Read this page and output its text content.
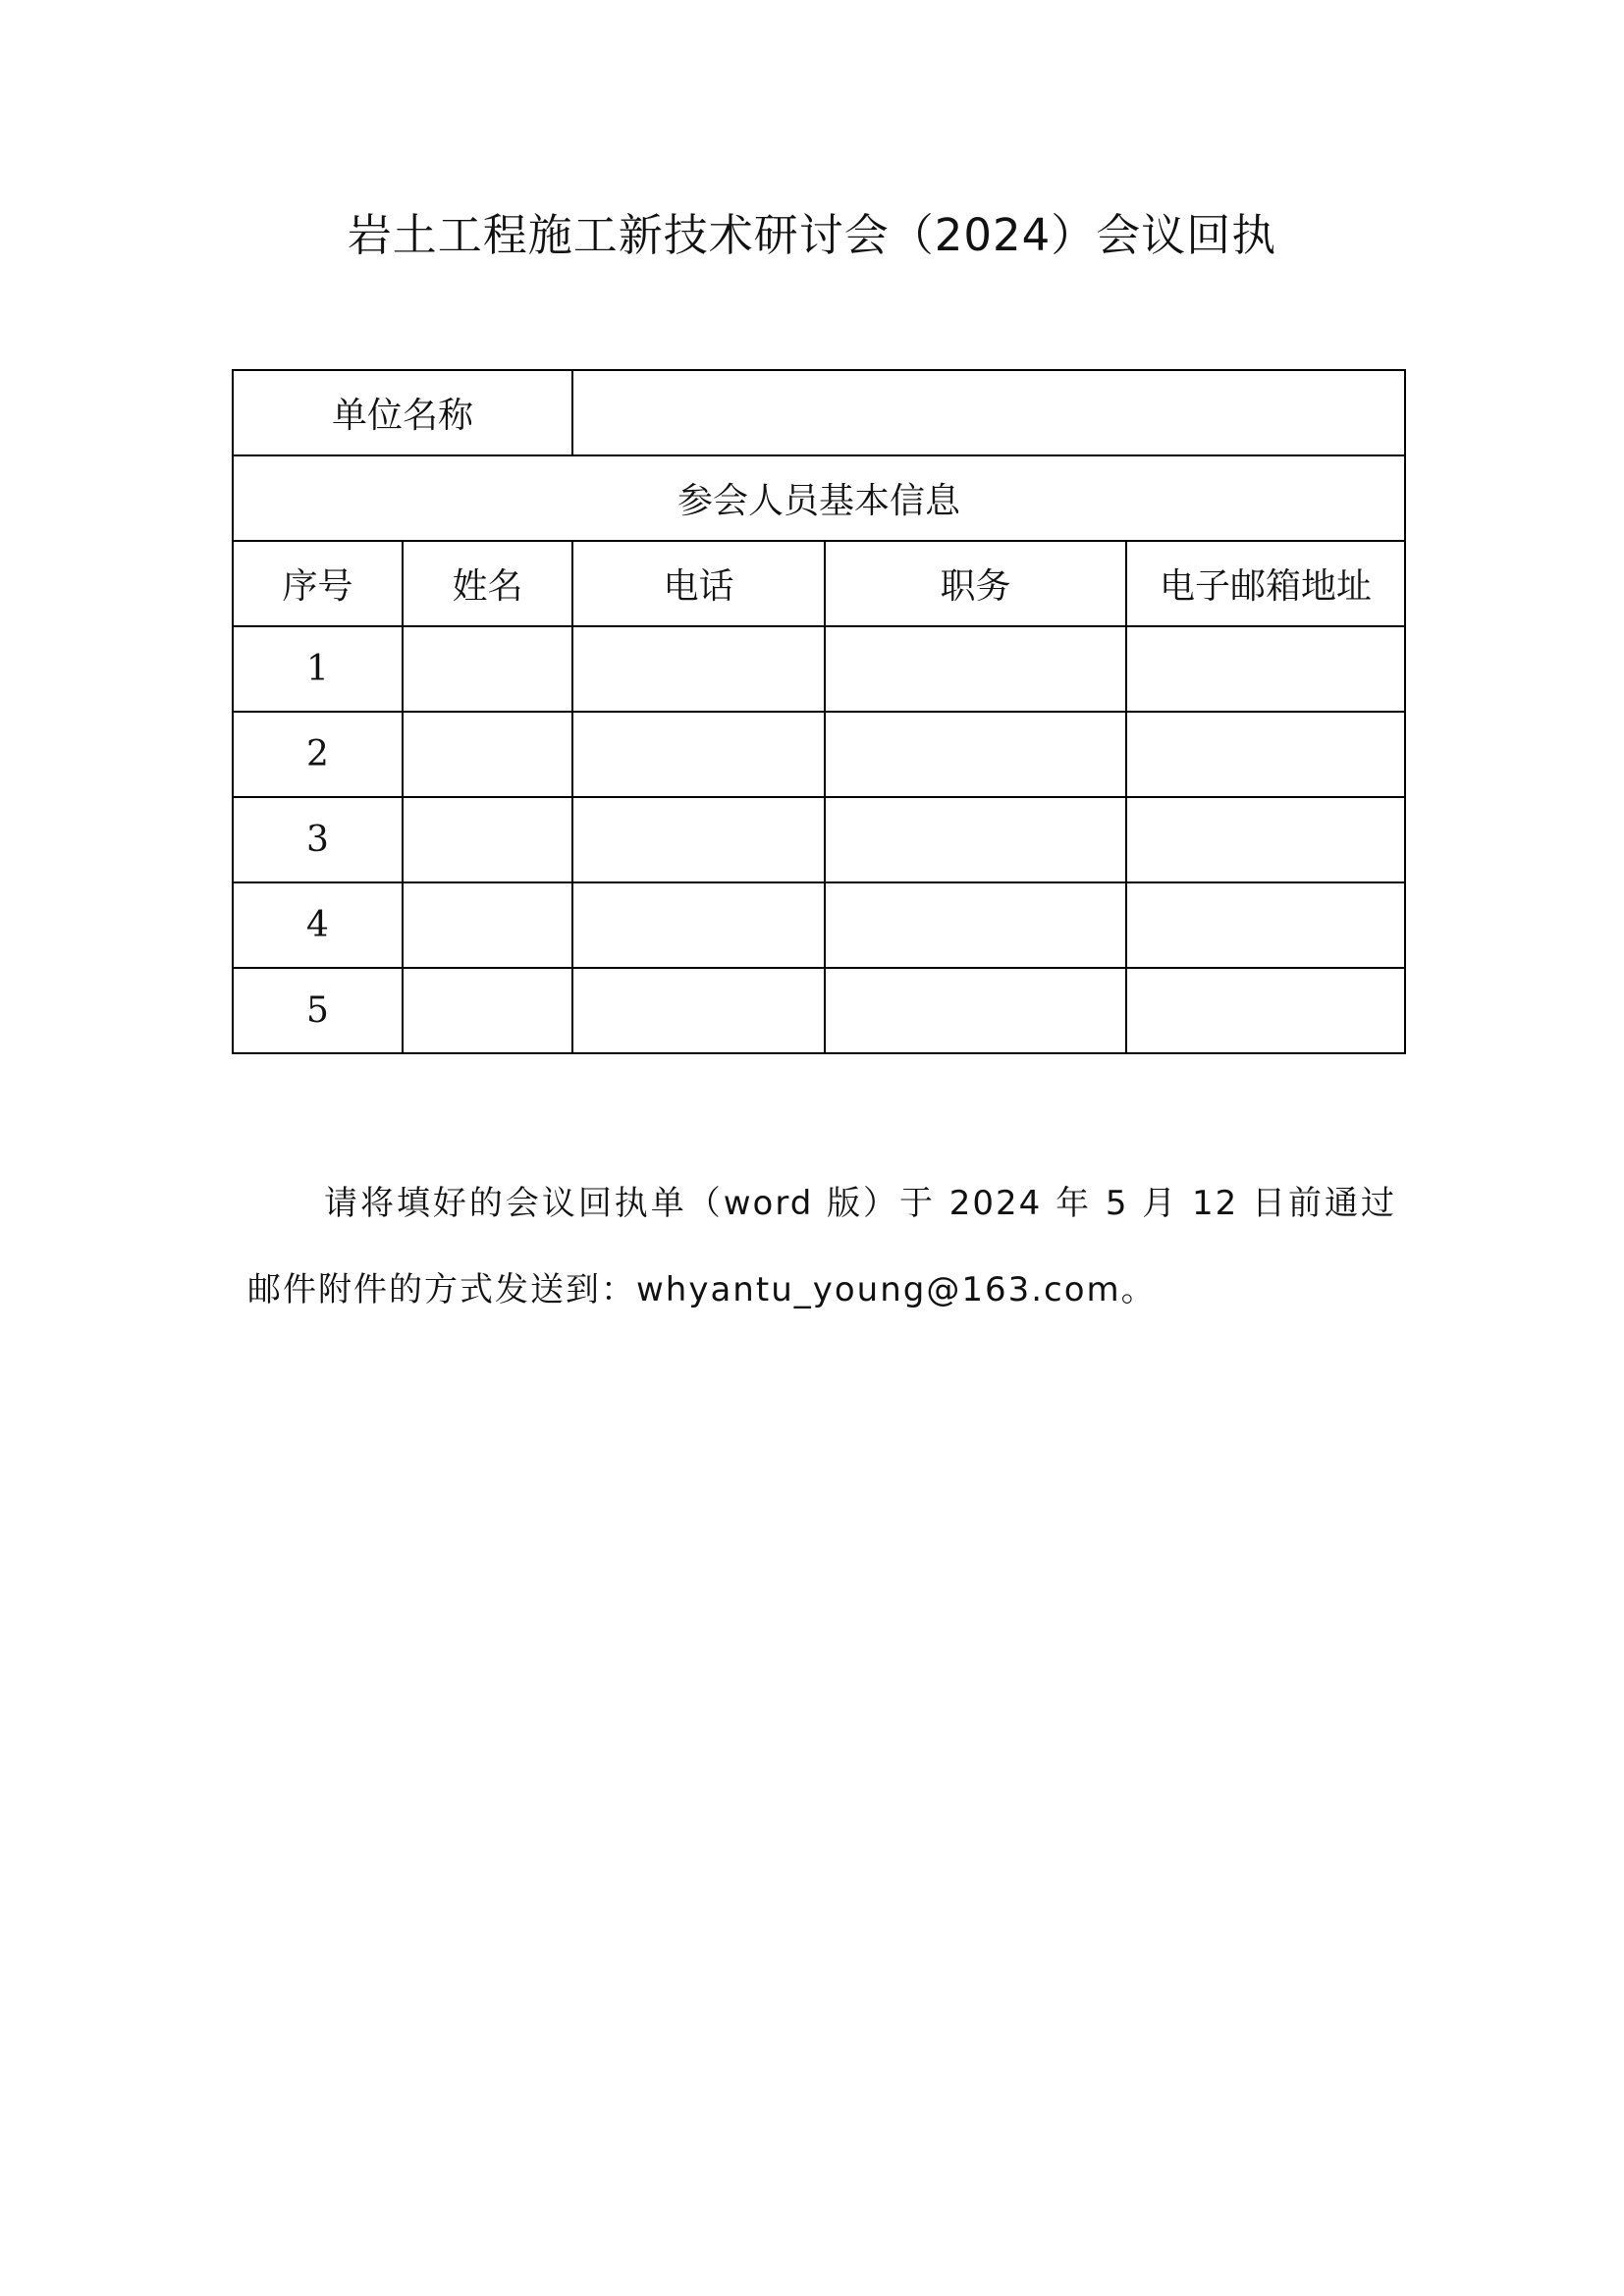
岩土工程施工新技术研讨会（2024）会议回执
单位名称				
参会人员基本信息				
序号	姓名	电话	职务	电子邮箱地址
1				
2				
3				
4				
5				
请将填好的会议回执单（word 版）于 2024 年 5 月 12 日前通过
邮件附件的方式发送到：whyantu_young@163.com。
